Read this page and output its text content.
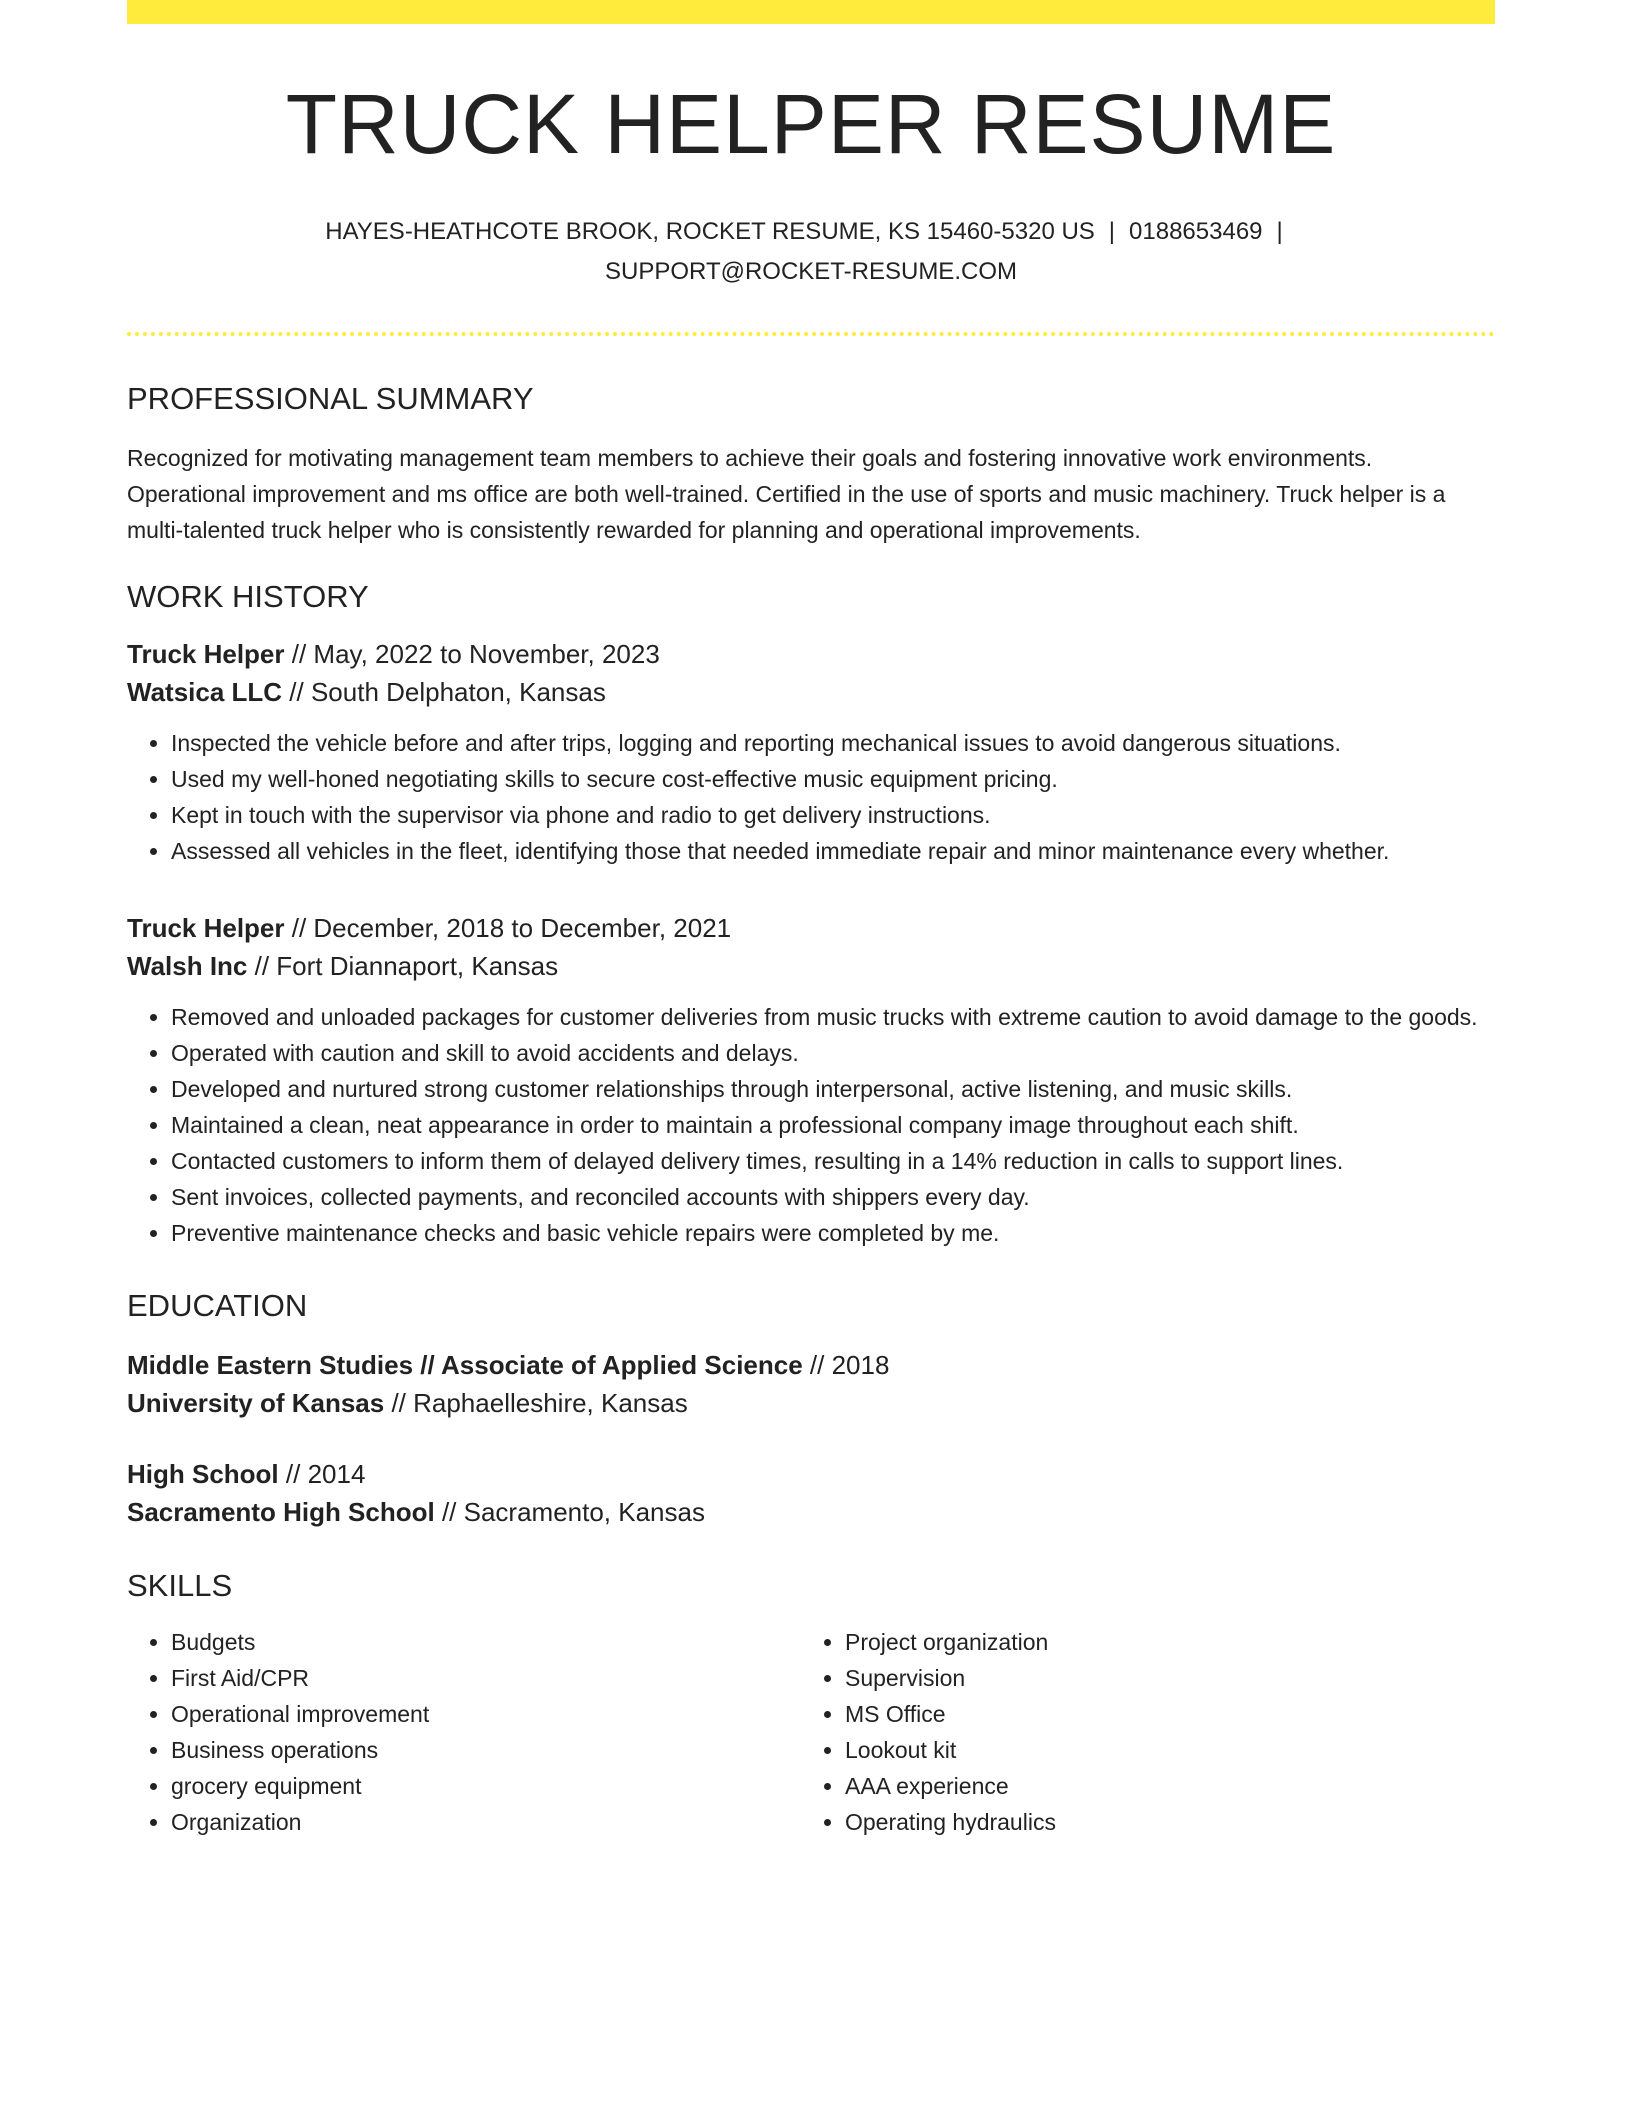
TRUCK HELPER RESUME
HAYES-HEATHCOTE BROOK, ROCKET RESUME, KS 15460-5320 US | 0188653469 |
SUPPORT@ROCKET-RESUME.COM
PROFESSIONAL SUMMARY

Recognized for motivating management team members to achieve their goals and fostering innovative work environments. Operational improvement and ms office are both well-trained. Certified in the use of sports and music machinery. Truck helper is a multi-talented truck helper who is consistently rewarded for planning and operational improvements.

WORK HISTORY
Truck Helper // May, 2022 to November, 2023
Watsica LLC // South Delphaton, Kansas
• Inspected the vehicle before and after trips, logging and reporting mechanical issues to avoid dangerous situations.
• Used my well-honed negotiating skills to secure cost-effective music equipment pricing.
• Kept in touch with the supervisor via phone and radio to get delivery instructions.
• Assessed all vehicles in the fleet, identifying those that needed immediate repair and minor maintenance every whether.
Truck Helper // December, 2018 to December, 2021
Walsh Inc // Fort Diannaport, Kansas
• Removed and unloaded packages for customer deliveries from music trucks with extreme caution to avoid damage to the goods.
• Operated with caution and skill to avoid accidents and delays.
• Developed and nurtured strong customer relationships through interpersonal, active listening, and music skills.
• Maintained a clean, neat appearance in order to maintain a professional company image throughout each shift.
• Contacted customers to inform them of delayed delivery times, resulting in a 14% reduction in calls to support lines.
• Sent invoices, collected payments, and reconciled accounts with shippers every day.
• Preventive maintenance checks and basic vehicle repairs were completed by me.
EDUCATION
Middle Eastern Studies // Associate of Applied Science // 2018
University of Kansas // Raphaelleshire, Kansas
High School // 2014
Sacramento High School // Sacramento, Kansas
SKILLS
• Budgets
• First Aid/CPR
• Operational improvement
• Business operations
• grocery equipment
• Organization
• Project organization
• Supervision
• MS Office
• Lookout kit
• AAA experience
• Operating hydraulics
